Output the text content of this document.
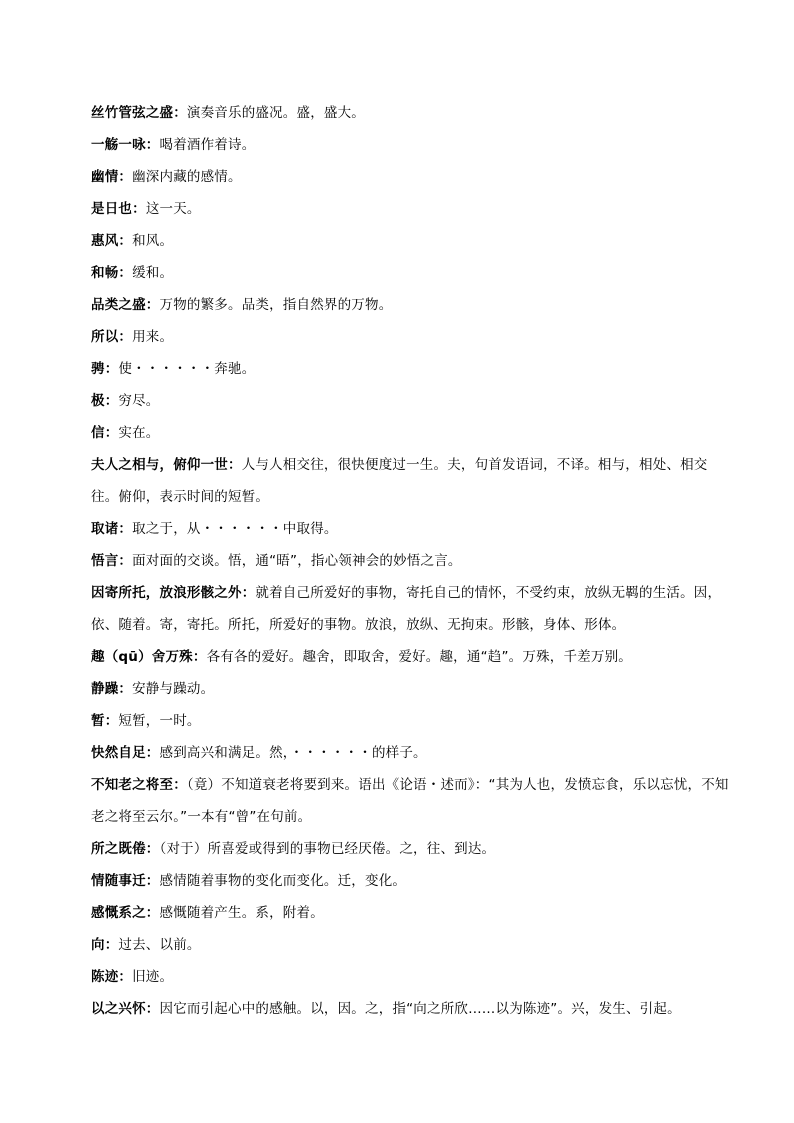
丝竹管弦之盛：演奏音乐的盛况。盛，盛大。

一觞一咏：喝着酒作着诗。

幽情：幽深内藏的感情。

是日也：这一天。

惠风：和风。

和畅：缓和。

品类之盛：万物的繁多。品类，指自然界的万物。

所以：用来。

骋：使・・・・・・奔驰。

极：穷尽。

信：实在。

夫人之相与，俯仰一世：人与人相交往，很快便度过一生。夫，句首发语词，不译。相与，相处、相交往。俯仰，表示时间的短暂。

取诸：取之于，从・・・・・・中取得。

悟言：面对面的交谈。悟，通“晤”，指心领神会的妙悟之言。

因寄所托，放浪形骸之外：就着自己所爱好的事物，寄托自己的情怀，不受约束，放纵无羁的生活。因，依、随着。寄，寄托。所托，所爱好的事物。放浪，放纵、无拘束。形骸，身体、形体。

趣（qū）舍万殊：各有各的爱好。趣舍，即取舍，爱好。趣，通“趋”。万殊，千差万别。

静躁：安静与躁动。

暂：短暂，一时。

快然自足：感到高兴和满足。然，・・・・・・的样子。

不知老之将至：（竟）不知道衰老将要到来。语出《论语・述而》：“其为人也，发愤忘食，乐以忘忧，不知老之将至云尔。”一本有“曾”在句前。

所之既倦：（对于）所喜爱或得到的事物已经厌倦。之，往、到达。

情随事迁：感情随着事物的变化而变化。迁，变化。

感慨系之：感慨随着产生。系，附着。

向：过去、以前。

陈迹：旧迹。

以之兴怀：因它而引起心中的感触。以，因。之，指“向之所欣……以为陈迹”。兴，发生、引起。
